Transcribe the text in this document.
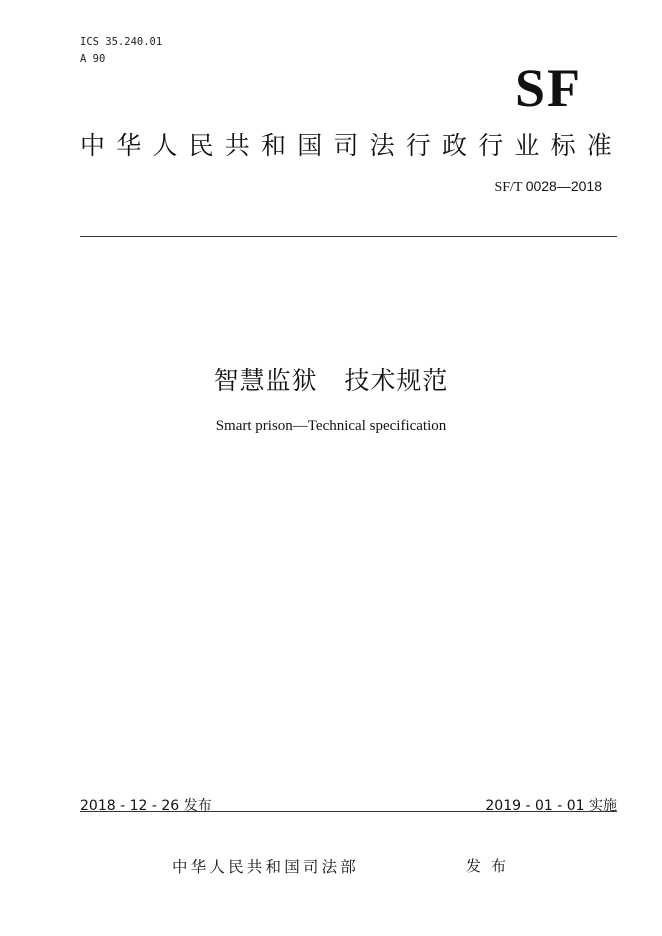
ICS 35.240.01
A 90	SF
中华人民共和国司法行政行业标准
SF/T 0028—2018
智慧监狱   技术规范
Smart prison—Technical specification
2018 - 12 - 26 发布	2019 - 01 - 01 实施
中华人民共和国司法部	发布
